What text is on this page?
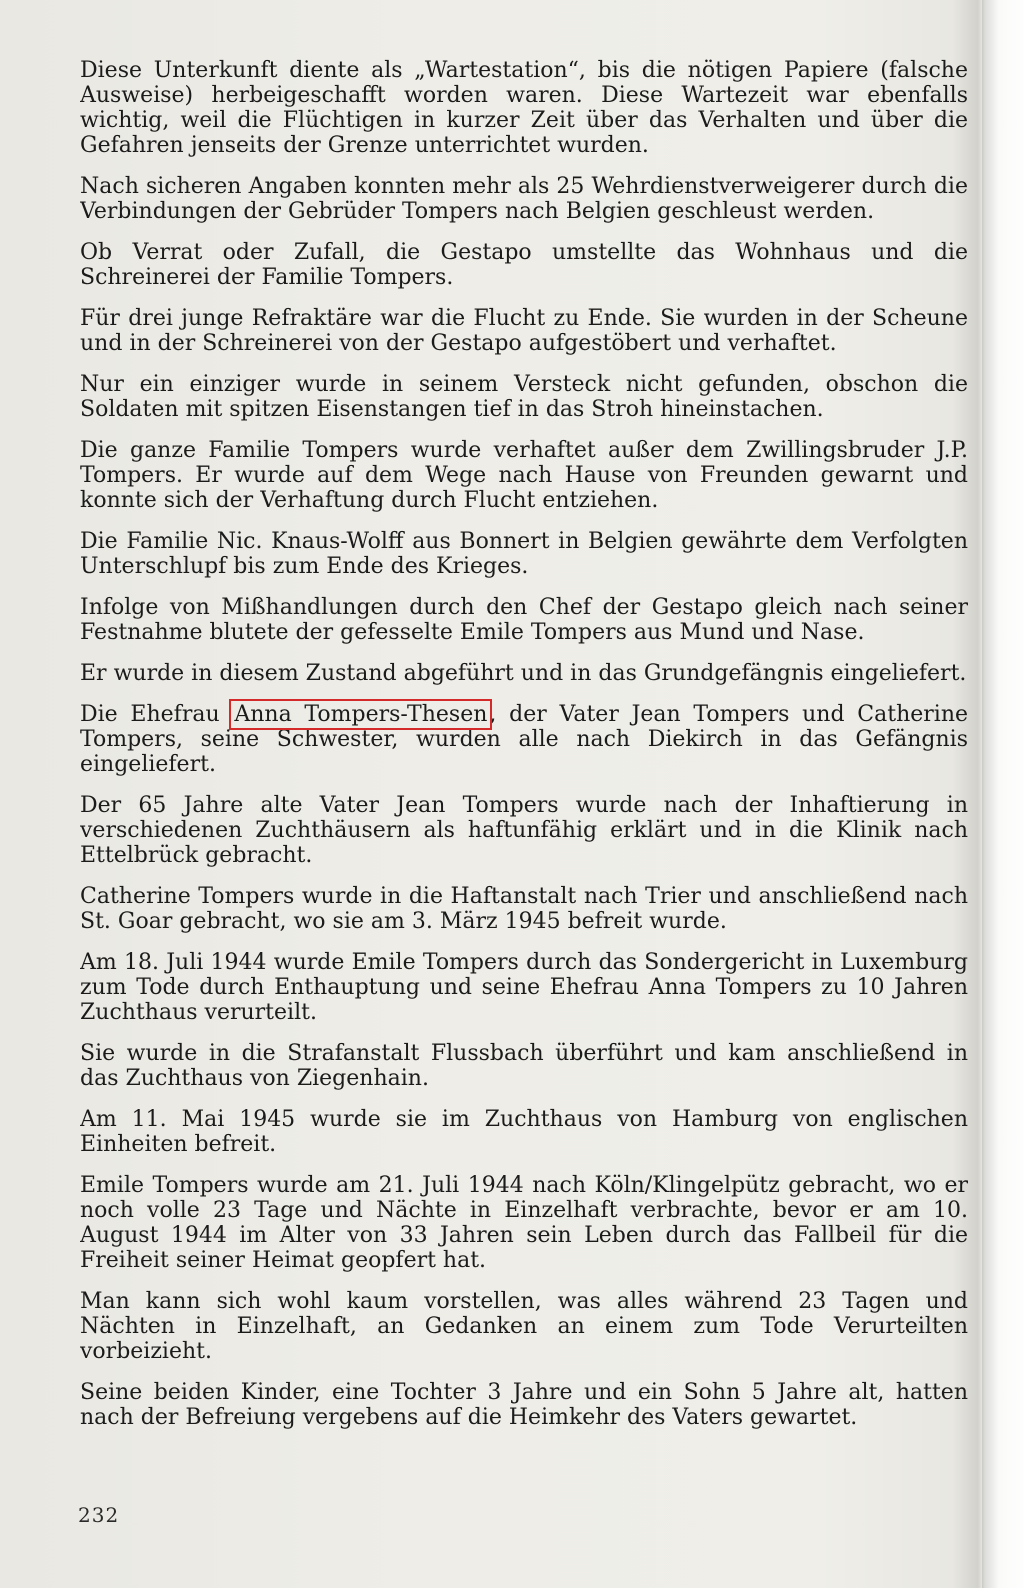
Diese Unterkunft diente als „Wartestation“, bis die nötigen Papiere (falsche Ausweise) herbeigeschafft worden waren. Diese Wartezeit war ebenfalls wichtig, weil die Flüchtigen in kurzer Zeit über das Verhalten und über die Gefahren jenseits der Grenze unterrichtet wurden.

Nach sicheren Angaben konnten mehr als 25 Wehrdienstverweigerer durch die Verbindungen der Gebrüder Tompers nach Belgien geschleust werden.

Ob Verrat oder Zufall, die Gestapo umstellte das Wohnhaus und die Schreinerei der Familie Tompers.

Für drei junge Refraktäre war die Flucht zu Ende. Sie wurden in der Scheune und in der Schreinerei von der Gestapo aufgestöbert und verhaftet.

Nur ein einziger wurde in seinem Versteck nicht gefunden, obschon die Soldaten mit spitzen Eisenstangen tief in das Stroh hineinstachen.

Die ganze Familie Tompers wurde verhaftet außer dem Zwillingsbruder J.P. Tompers. Er wurde auf dem Wege nach Hause von Freunden gewarnt und konnte sich der Verhaftung durch Flucht entziehen.

Die Familie Nic. Knaus-Wolff aus Bonnert in Belgien gewährte dem Verfolgten Unterschlupf bis zum Ende des Krieges.

Infolge von Mißhandlungen durch den Chef der Gestapo gleich nach seiner Festnahme blutete der gefesselte Emile Tompers aus Mund und Nase.

Er wurde in diesem Zustand abgeführt und in das Grundgefängnis eingeliefert.

Die Ehefrau Anna Tompers-Thesen, der Vater Jean Tompers und Catherine Tompers, seine Schwester, wurden alle nach Diekirch in das Gefängnis eingeliefert.

Der 65 Jahre alte Vater Jean Tompers wurde nach der Inhaftierung in verschiedenen Zuchthäusern als haftunfähig erklärt und in die Klinik nach Ettelbrück gebracht.

Catherine Tompers wurde in die Haftanstalt nach Trier und anschließend nach St. Goar gebracht, wo sie am 3. März 1945 befreit wurde.

Am 18. Juli 1944 wurde Emile Tompers durch das Sondergericht in Luxemburg zum Tode durch Enthauptung und seine Ehefrau Anna Tompers zu 10 Jahren Zuchthaus verurteilt.

Sie wurde in die Strafanstalt Flussbach überführt und kam anschließend in das Zuchthaus von Ziegenhain.

Am 11. Mai 1945 wurde sie im Zuchthaus von Hamburg von englischen Einheiten befreit.

Emile Tompers wurde am 21. Juli 1944 nach Köln/Klingelpütz gebracht, wo er noch volle 23 Tage und Nächte in Einzelhaft verbrachte, bevor er am 10. August 1944 im Alter von 33 Jahren sein Leben durch das Fallbeil für die Freiheit seiner Heimat geopfert hat.

Man kann sich wohl kaum vorstellen, was alles während 23 Tagen und Nächten in Einzelhaft, an Gedanken an einem zum Tode Verurteilten vorbeizieht.

Seine beiden Kinder, eine Tochter 3 Jahre und ein Sohn 5 Jahre alt, hatten nach der Befreiung vergebens auf die Heimkehr des Vaters gewartet.

232
